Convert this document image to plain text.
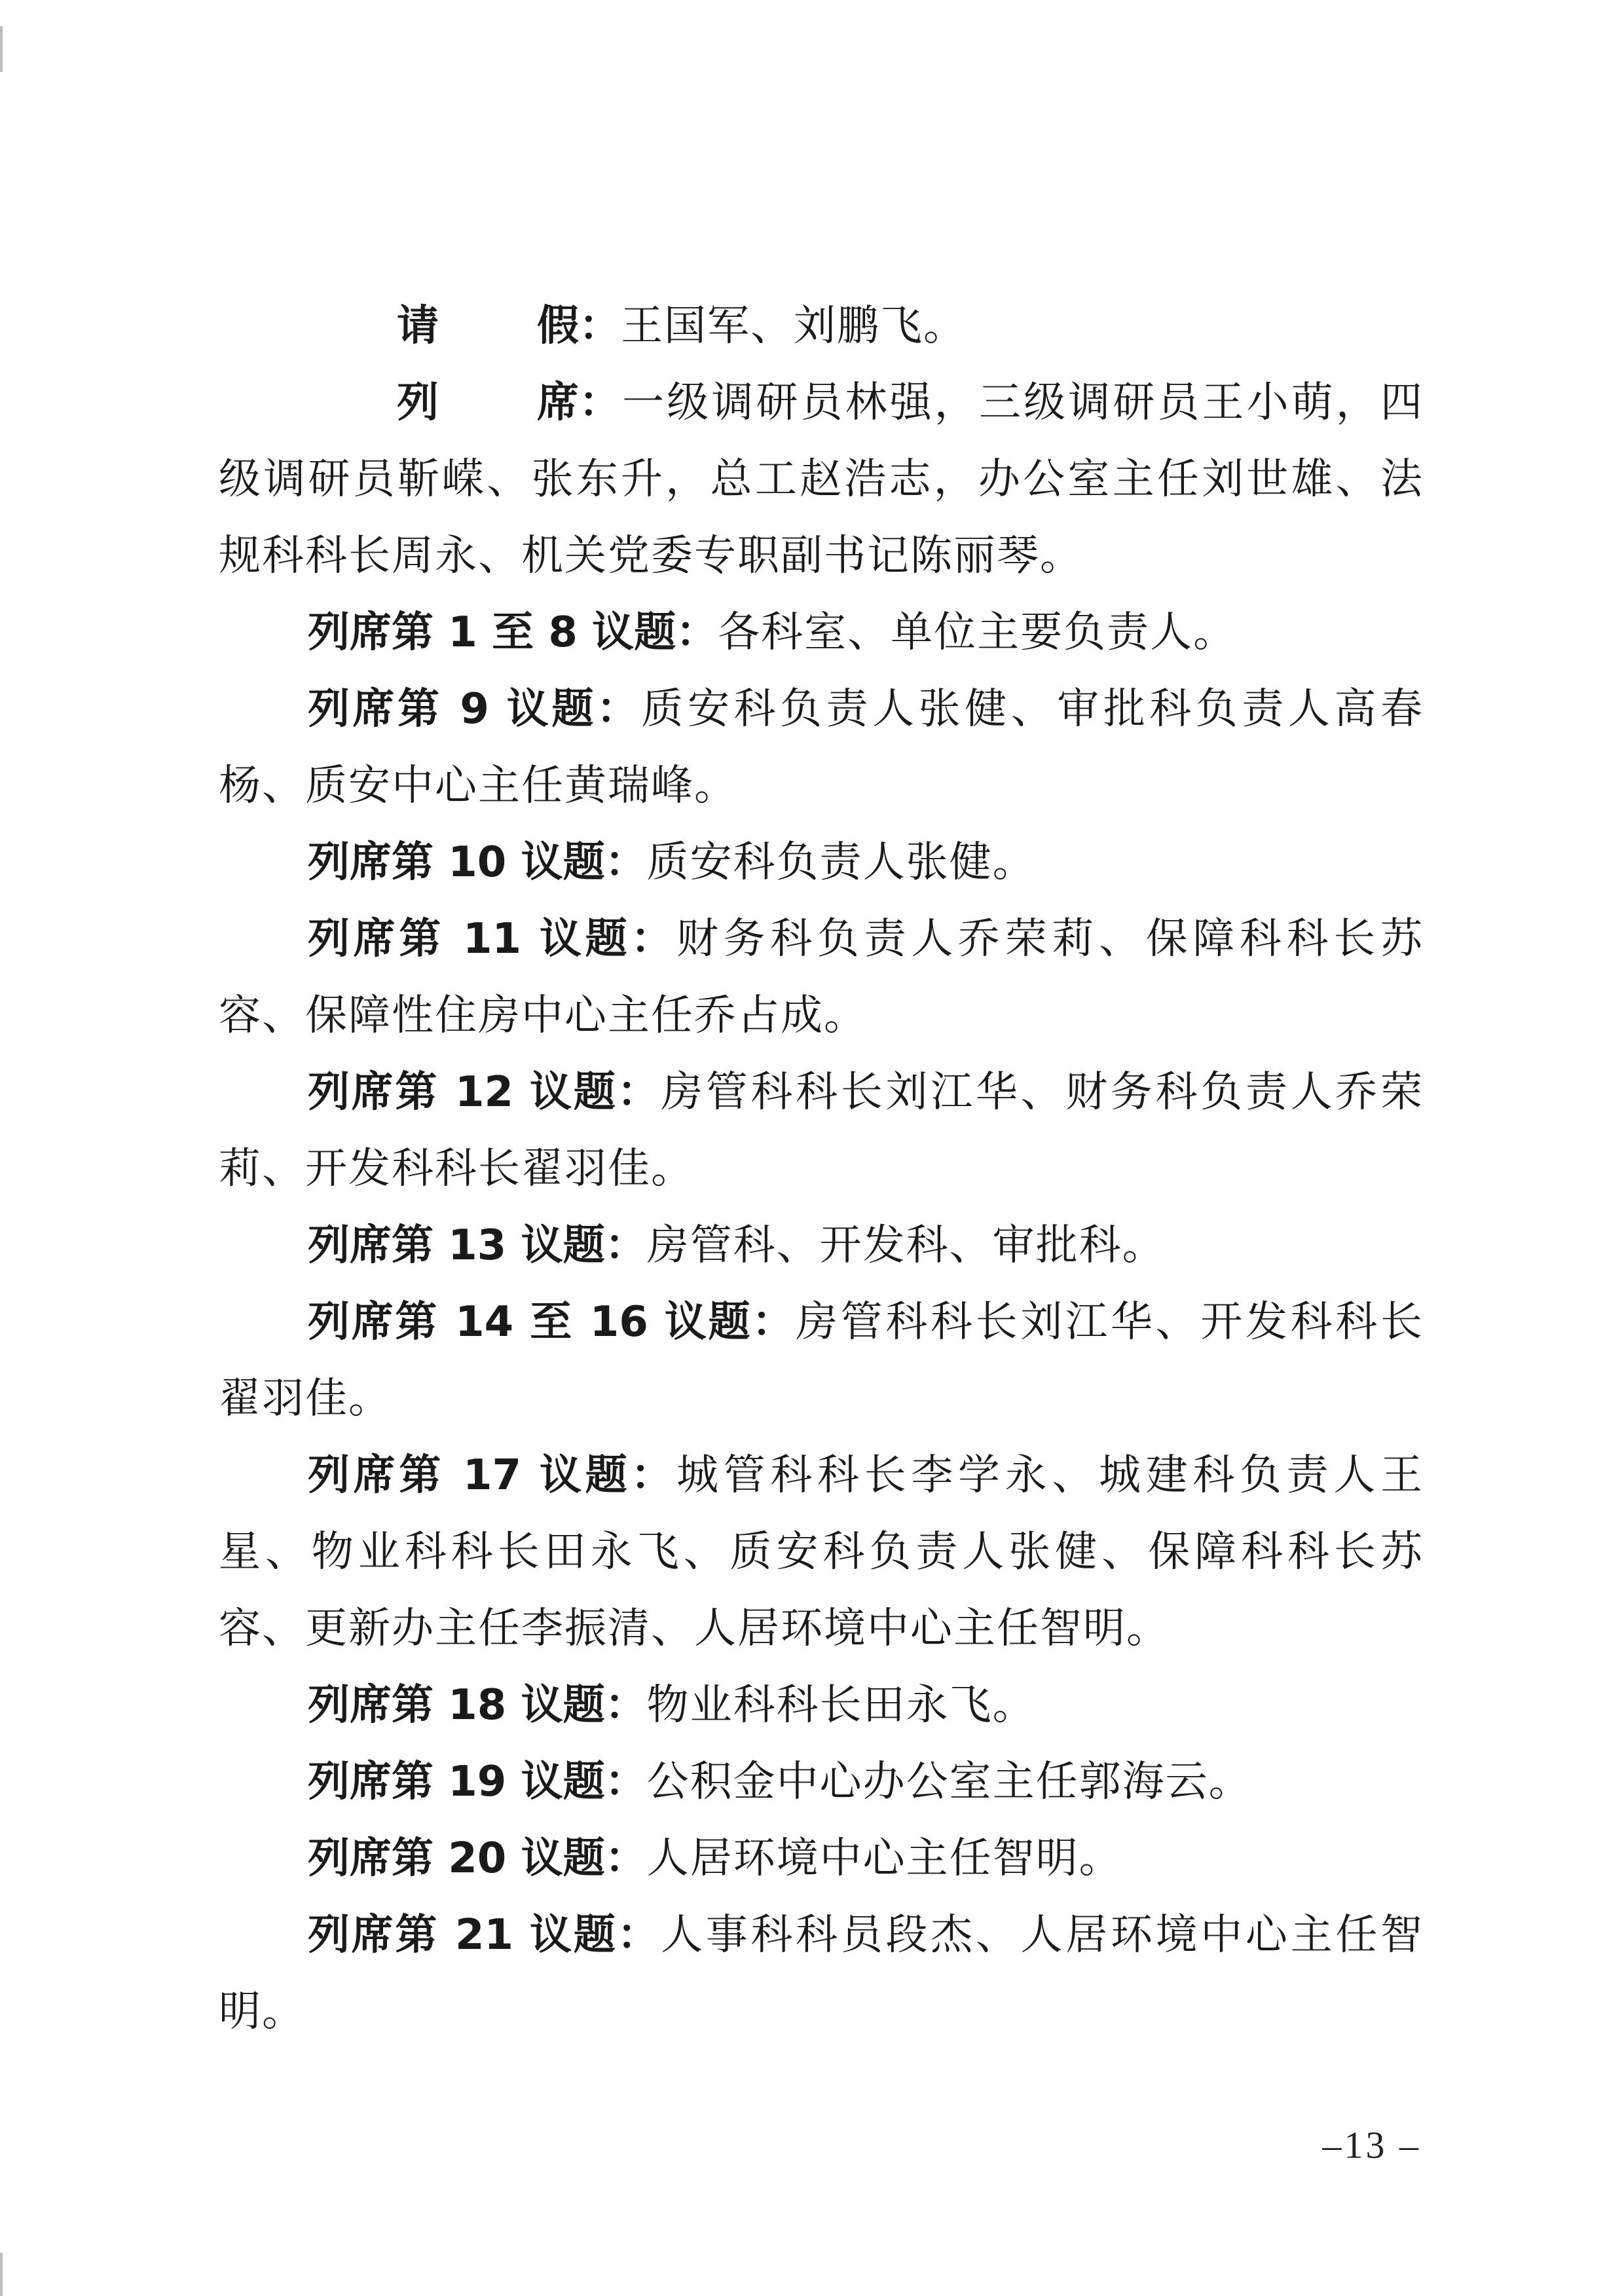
请 假：王国军、刘鹏飞。

列 席：一级调研员林强，三级调研员王小萌，四级调研员靳嵘、张东升，总工赵浩志，办公室主任刘世雄、法规科科长周永、机关党委专职副书记陈丽琴。

列席第 1 至 8 议题：各科室、单位主要负责人。

列席第 9 议题：质安科负责人张健、审批科负责人高春杨、质安中心主任黄瑞峰。

列席第 10 议题：质安科负责人张健。

列席第 11 议题：财务科负责人乔荣莉、保障科科长苏容、保障性住房中心主任乔占成。

列席第 12 议题：房管科科长刘江华、财务科负责人乔荣莉、开发科科长翟羽佳。

列席第 13 议题：房管科、开发科、审批科。

列席第 14 至 16 议题：房管科科长刘江华、开发科科长翟羽佳。

列席第 17 议题：城管科科长李学永、城建科负责人王星、物业科科长田永飞、质安科负责人张健、保障科科长苏容、更新办主任李振清、人居环境中心主任智明。

列席第 18 议题：物业科科长田永飞。

列席第 19 议题：公积金中心办公室主任郭海云。

列席第 20 议题：人居环境中心主任智明。

列席第 21 议题：人事科科员段杰、人居环境中心主任智明。

–13 –
